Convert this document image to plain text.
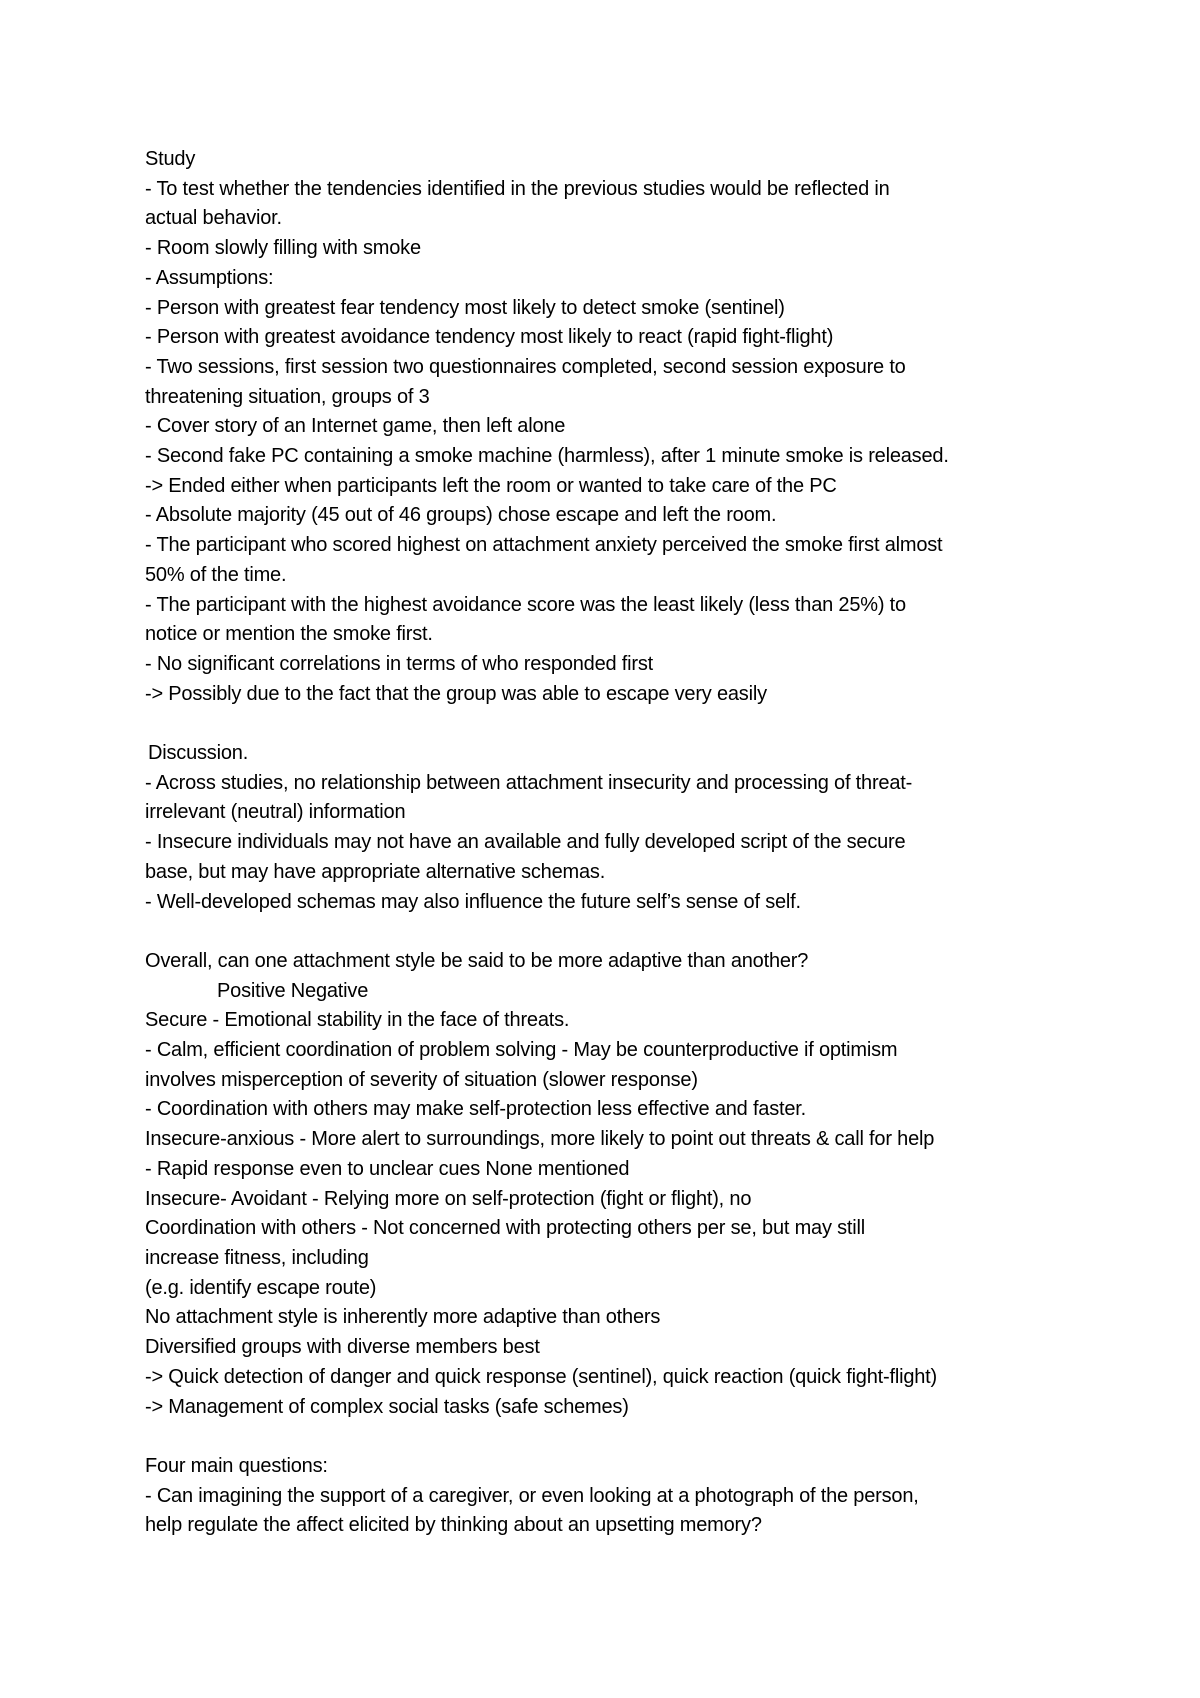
Study
- To test whether the tendencies identified in the previous studies would be reflected in
actual behavior.
- Room slowly filling with smoke
- Assumptions:
- Person with greatest fear tendency most likely to detect smoke (sentinel)
- Person with greatest avoidance tendency most likely to react (rapid fight-flight)
- Two sessions, first session two questionnaires completed, second session exposure to
threatening situation, groups of 3
- Cover story of an Internet game, then left alone
- Second fake PC containing a smoke machine (harmless), after 1 minute smoke is released.
-> Ended either when participants left the room or wanted to take care of the PC
- Absolute majority (45 out of 46 groups) chose escape and left the room.
- The participant who scored highest on attachment anxiety perceived the smoke first almost
50% of the time.
- The participant with the highest avoidance score was the least likely (less than 25%) to
notice or mention the smoke first.
- No significant correlations in terms of who responded first
-> Possibly due to the fact that the group was able to escape very easily
Discussion.
- Across studies, no relationship between attachment insecurity and processing of threat-
irrelevant (neutral) information
- Insecure individuals may not have an available and fully developed script of the secure
base, but may have appropriate alternative schemas.
- Well-developed schemas may also influence the future self’s sense of self.
Overall, can one attachment style be said to be more adaptive than another?
Positive Negative
Secure - Emotional stability in the face of threats.
- Calm, efficient coordination of problem solving - May be counterproductive if optimism
involves misperception of severity of situation (slower response)
- Coordination with others may make self-protection less effective and faster.
Insecure-anxious - More alert to surroundings, more likely to point out threats & call for help
- Rapid response even to unclear cues None mentioned
Insecure- Avoidant - Relying more on self-protection (fight or flight), no
Coordination with others - Not concerned with protecting others per se, but may still
increase fitness, including
(e.g. identify escape route)
No attachment style is inherently more adaptive than others
Diversified groups with diverse members best
-> Quick detection of danger and quick response (sentinel), quick reaction (quick fight-flight)
-> Management of complex social tasks (safe schemes)
Four main questions:
- Can imagining the support of a caregiver, or even looking at a photograph of the person,
help regulate the affect elicited by thinking about an upsetting memory?
